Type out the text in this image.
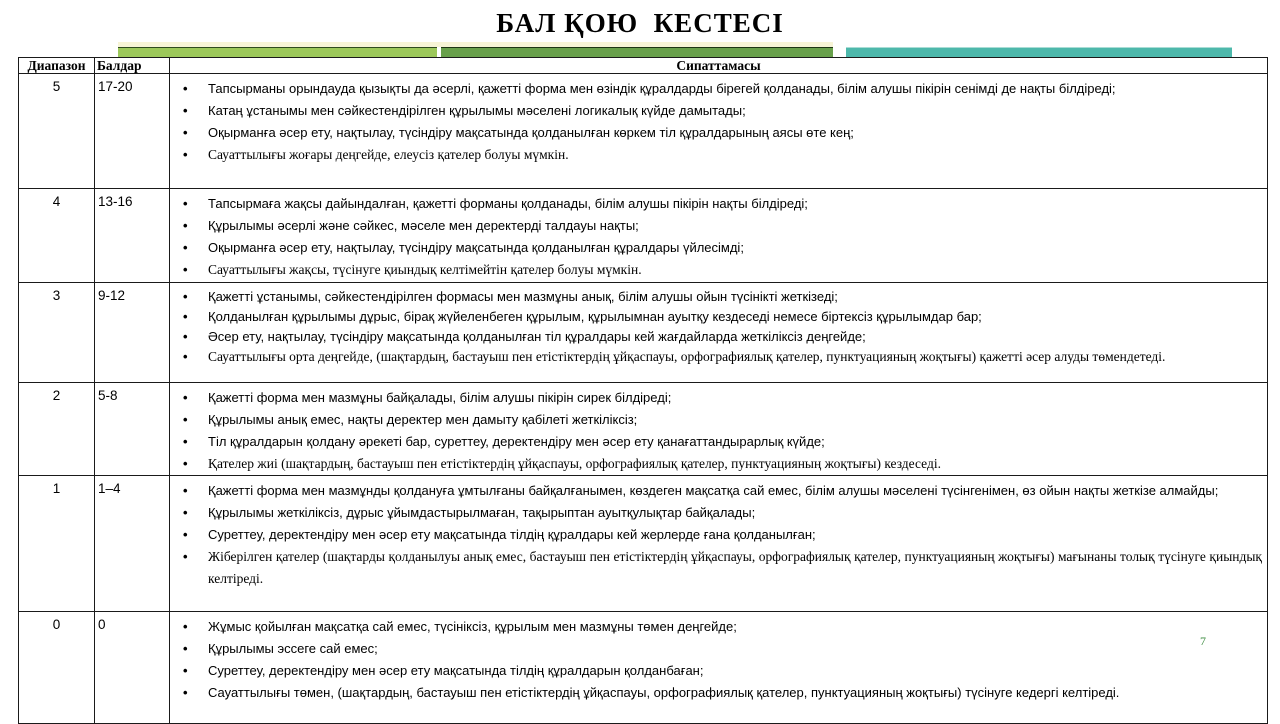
БАЛ ҚОЮ  КЕСТЕСІ
Диапазон	Балдар	Сипаттамасы
5	17-20	•	Тапсырманы орындауда қызықты да әсерлі, қажетті форма мен өзіндік құралдарды бірегей қолданады, білім алушы пікірін сенімді де нақты білдіреді;
•	Катаң ұстанымы мен сәйкестендірілген құрылымы мәселені логикалық күйде дамытады;
•	Оқырманға әсер ету, нақтылау, түсіндіру мақсатында қолданылған көркем тіл құралдарының аясы өте кең;
•	Сауаттылығы жоғары деңгейде, елеусіз қателер болуы мүмкін.

4	13-16	•	Тапсырмаға жақсы дайындалған, қажетті форманы қолданады, білім алушы пікірін нақты білдіреді;
•	Құрылымы әсерлі және сәйкес, мәселе мен деректерді талдауы нақты;
•	Оқырманға әсер ету, нақтылау, түсіндіру мақсатында қолданылған құралдары үйлесімді;
•	Сауаттылығы жақсы, түсінуге қиындық келтімейтін қателер болуы мүмкін.

3	9-12	•	Қажетті ұстанымы, сәйкестендірілген формасы мен мазмұны анық, білім алушы ойын түсінікті жеткізеді;
•	Қолданылған құрылымы дұрыс, бірақ жүйеленбеген құрылым, құрылымнан ауытқу кездеседі немесе біртексіз құрылымдар бар;
•	Әсер ету, нақтылау, түсіндіру мақсатында қолданылған тіл құралдары кей жағдайларда жеткіліксіз деңгейде;
•	Сауаттылығы орта деңгейде, (шақтардың, бастауыш пен етістіктердің ұйқаспауы, орфографиялық қателер, пунктуацияның жоқтығы) қажетті әсер алуды төмендетеді.

2	5-8	•	Қажетті форма мен мазмұны байқалады, білім алушы пікірін сирек білдіреді;
•	Құрылымы анық емес, нақты деректер мен дамыту қабілеті жеткіліксіз;
•	Тіл құралдарын қолдану әрекеті бар, суреттеу, деректендіру мен әсер ету қанағаттандырарлық күйде;
•	Қателер жиі (шақтардың, бастауыш пен етістіктердің ұйқаспауы, орфографиялық қателер, пунктуацияның жоқтығы) кездеседі.

1	1–4	•	Қажетті форма мен мазмұнды қолдануға ұмтылғаны байқалғанымен, көздеген мақсатқа сай емес, білім алушы мәселені түсінгенімен, өз ойын нақты жеткізе алмайды;
•	Құрылымы жеткіліксіз, дұрыс ұйымдастырылмаған, тақырыптан ауытқулықтар байқалады;
•	Суреттеу, деректендіру мен әсер ету мақсатында тілдің құралдары кей жерлерде ғана қолданылған;
•	Жіберілген қателер (шақтарды қолданылуы анық емес, бастауыш пен етістіктердің ұйқаспауы, орфографиялық қателер, пунктуацияның жоқтығы) мағынаны толық түсінуге қиындық келтіреді.

0	0	•	Жұмыс қойылған мақсатқа сай емес, түсініксіз, құрылым мен мазмұны төмен деңгейде;
•	Құрылымы эссеге сай емес;
•	Суреттеу, деректендіру мен әсер ету мақсатында тілдің құралдарын қолданбаған;
•	Сауаттылығы төмен, (шақтардың, бастауыш пен етістіктердің ұйқаспауы, орфографиялық қателер, пунктуацияның жоқтығы) түсінуге кедергі келтіреді.
7
